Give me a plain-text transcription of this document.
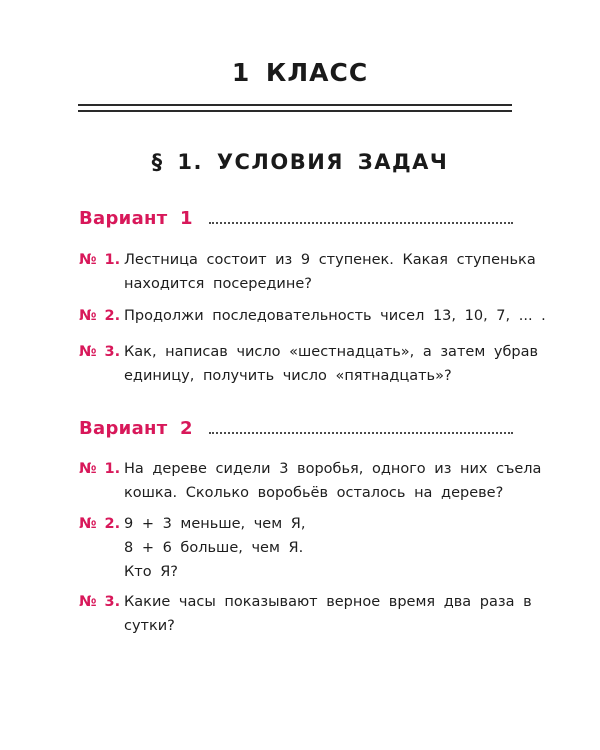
1 КЛАСС
§ 1. УСЛОВИЯ ЗАДАЧ
Вариант 1
№ 1. Лестница состоит из 9 ступенек. Какая ступенька
находится посередине?
№ 2. Продолжи последовательность чисел 13, 10, 7, ... .
№ 3. Как, написав число «шестнадцать», а затем убрав
единицу, получить число «пятнадцать»?
Вариант 2
№ 1. На дереве сидели 3 воробья, одного из них съела
кошка. Сколько воробьёв осталось на дереве?
№ 2. 9 + 3 меньше, чем Я,
8 + 6 больше, чем Я.
Кто Я?
№ 3. Какие часы показывают верное время два раза в
сутки?
